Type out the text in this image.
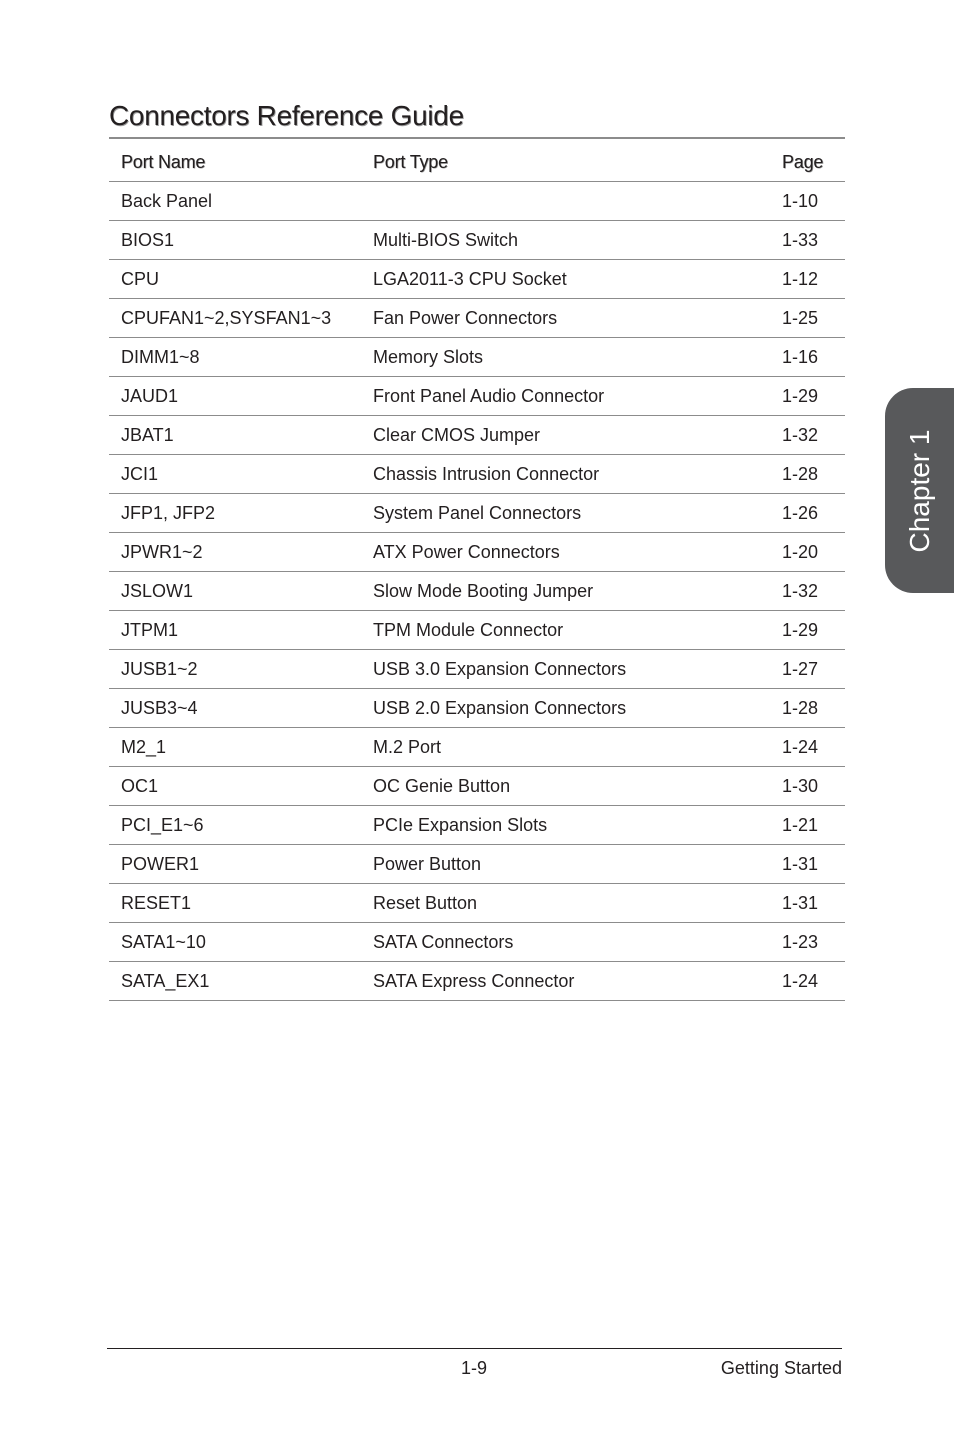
Connectors Reference Guide
Port Name	Port Type	Page
Back Panel		1-10
BIOS1	Multi-BIOS Switch	1-33
CPU	LGA2011-3 CPU Socket	1-12
CPUFAN1~2,SYSFAN1~3	Fan Power Connectors	1-25
DIMM1~8	Memory Slots	1-16
JAUD1	Front Panel Audio Connector	1-29
JBAT1	Clear CMOS Jumper	1-32
JCI1	Chassis Intrusion Connector	1-28
JFP1, JFP2	System Panel Connectors	1-26
JPWR1~2	ATX Power Connectors	1-20
JSLOW1	Slow Mode Booting Jumper	1-32
JTPM1	TPM Module Connector	1-29
JUSB1~2	USB 3.0 Expansion Connectors	1-27
JUSB3~4	USB 2.0 Expansion Connectors	1-28
M2_1	M.2 Port	1-24
OC1	OC Genie Button	1-30
PCI_E1~6	PCIe Expansion Slots	1-21
POWER1	Power Button	1-31
RESET1	Reset Button	1-31
SATA1~10	SATA Connectors	1-23
SATA_EX1	SATA Express Connector	1-24
Chapter 1
1-9	Getting Started
